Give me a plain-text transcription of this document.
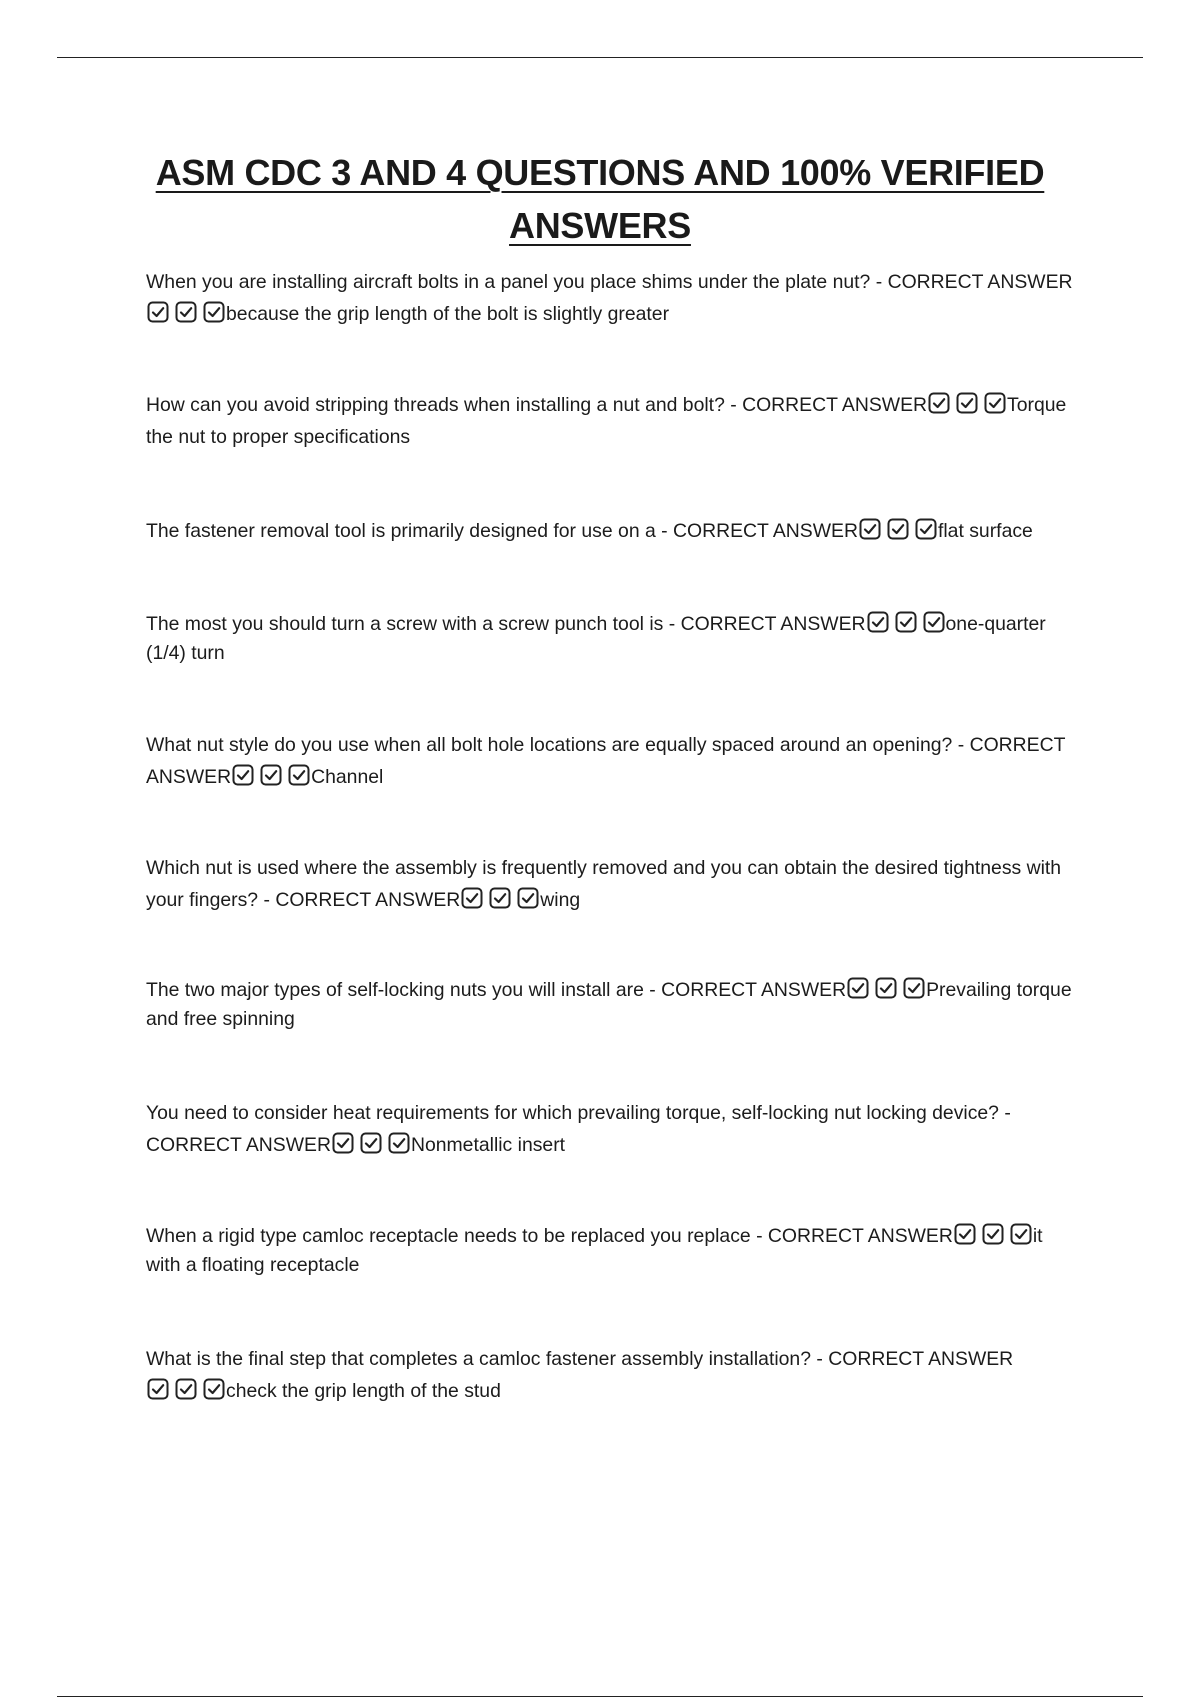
ASM CDC 3 AND 4 QUESTIONS AND 100% VERIFIED ANSWERS

When you are installing aircraft bolts in a panel you place shims under the plate nut? - CORRECT ANSWER
because the grip length of the bolt is slightly greater

How can you avoid stripping threads when installing a nut and bolt? - CORRECT ANSWER	Torque the nut to proper specifications

The fastener removal tool is primarily designed for use on a - CORRECT ANSWER	flat surface

The most you should turn a screw with a screw punch tool is - CORRECT ANSWER	one-quarter (1/4) turn

What nut style do you use when all bolt hole locations are equally spaced around an opening? - CORRECT ANSWER	Channel

Which nut is used where the assembly is frequently removed and you can obtain the desired tightness with your fingers? - CORRECT ANSWER	wing

The two major types of self-locking nuts you will install are - CORRECT ANSWER	Prevailing torque and free spinning

You need to consider heat requirements for which prevailing torque, self-locking nut locking device? - CORRECT ANSWER	Nonmetallic insert

When a rigid type camloc receptacle needs to be replaced you replace - CORRECT ANSWER	it with a floating receptacle

What is the final step that completes a camloc fastener assembly installation? - CORRECT ANSWER
check the grip length of the stud
